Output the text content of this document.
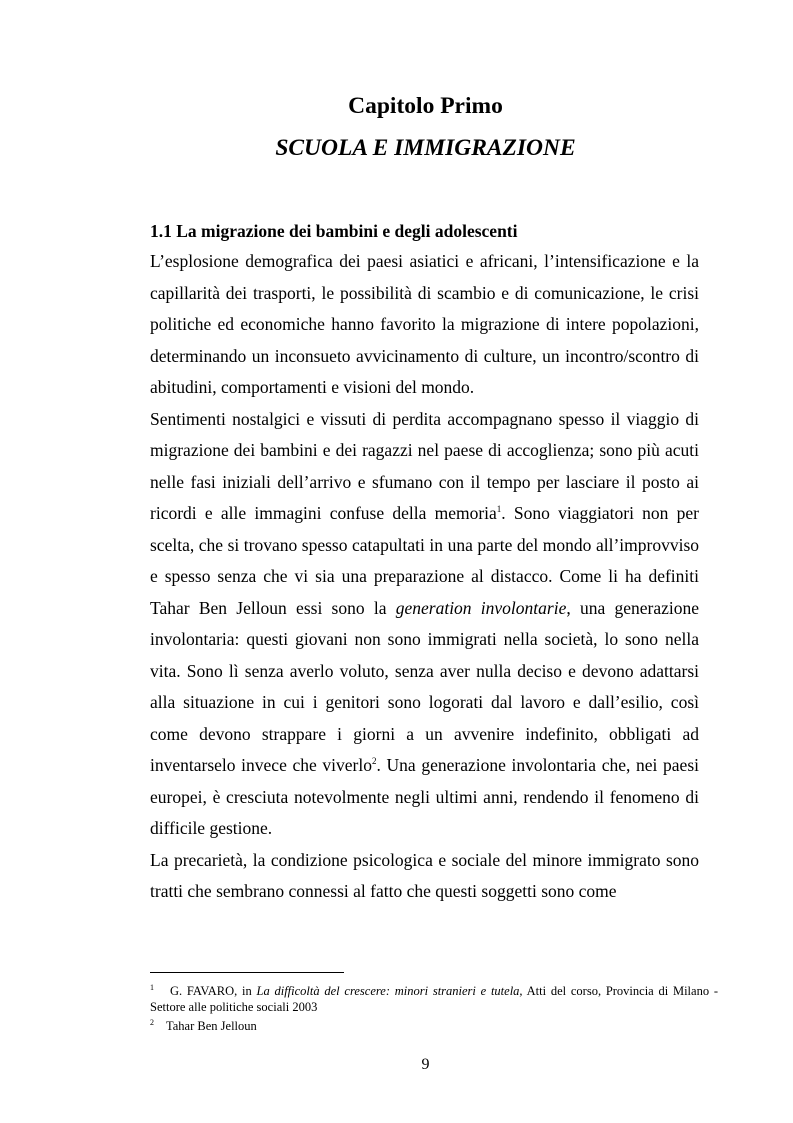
Capitolo Primo
SCUOLA E IMMIGRAZIONE
1.1 La migrazione dei bambini e degli adolescenti

L’esplosione demografica dei paesi asiatici e africani, l’intensificazione e la capillarità dei trasporti, le possibilità di scambio e di comunicazione, le crisi politiche ed economiche hanno favorito la migrazione di intere popolazioni, determinando un inconsueto avvicinamento di culture, un incontro/scontro di abitudini, comportamenti e visioni del mondo.

Sentimenti nostalgici e vissuti di perdita accompagnano spesso il viaggio di migrazione dei bambini e dei ragazzi nel paese di accoglienza; sono più acuti nelle fasi iniziali dell’arrivo e sfumano con il tempo per lasciare il posto ai ricordi e alle immagini confuse della memoria$^1$. Sono viaggiatori non per scelta, che si trovano spesso catapultati in una parte del mondo all’improvviso e spesso senza che vi sia una preparazione al distacco. Come li ha definiti Tahar Ben Jelloun essi sono la generation involontarie, una generazione involontaria: questi giovani non sono immigrati nella società, lo sono nella vita. Sono lì senza averlo voluto, senza aver nulla deciso e devono adattarsi alla situazione in cui i genitori sono logorati dal lavoro e dall’esilio, così come devono strappare i giorni a un avvenire indefinito, obbligati ad inventarselo invece che viverlo$^2$. Una generazione involontaria che, nei paesi europei, è cresciuta notevolmente negli ultimi anni, rendendo il fenomeno di difficile gestione.

La precarietà, la condizione psicologica e sociale del minore immigrato sono tratti che sembrano connessi al fatto che questi soggetti sono come

1 G. FAVARO, in La difficoltà del crescere: minori stranieri e tutela, Atti del corso, Provincia di Milano - Settore alle politiche sociali 2003

2 Tahar Ben Jelloun

9
